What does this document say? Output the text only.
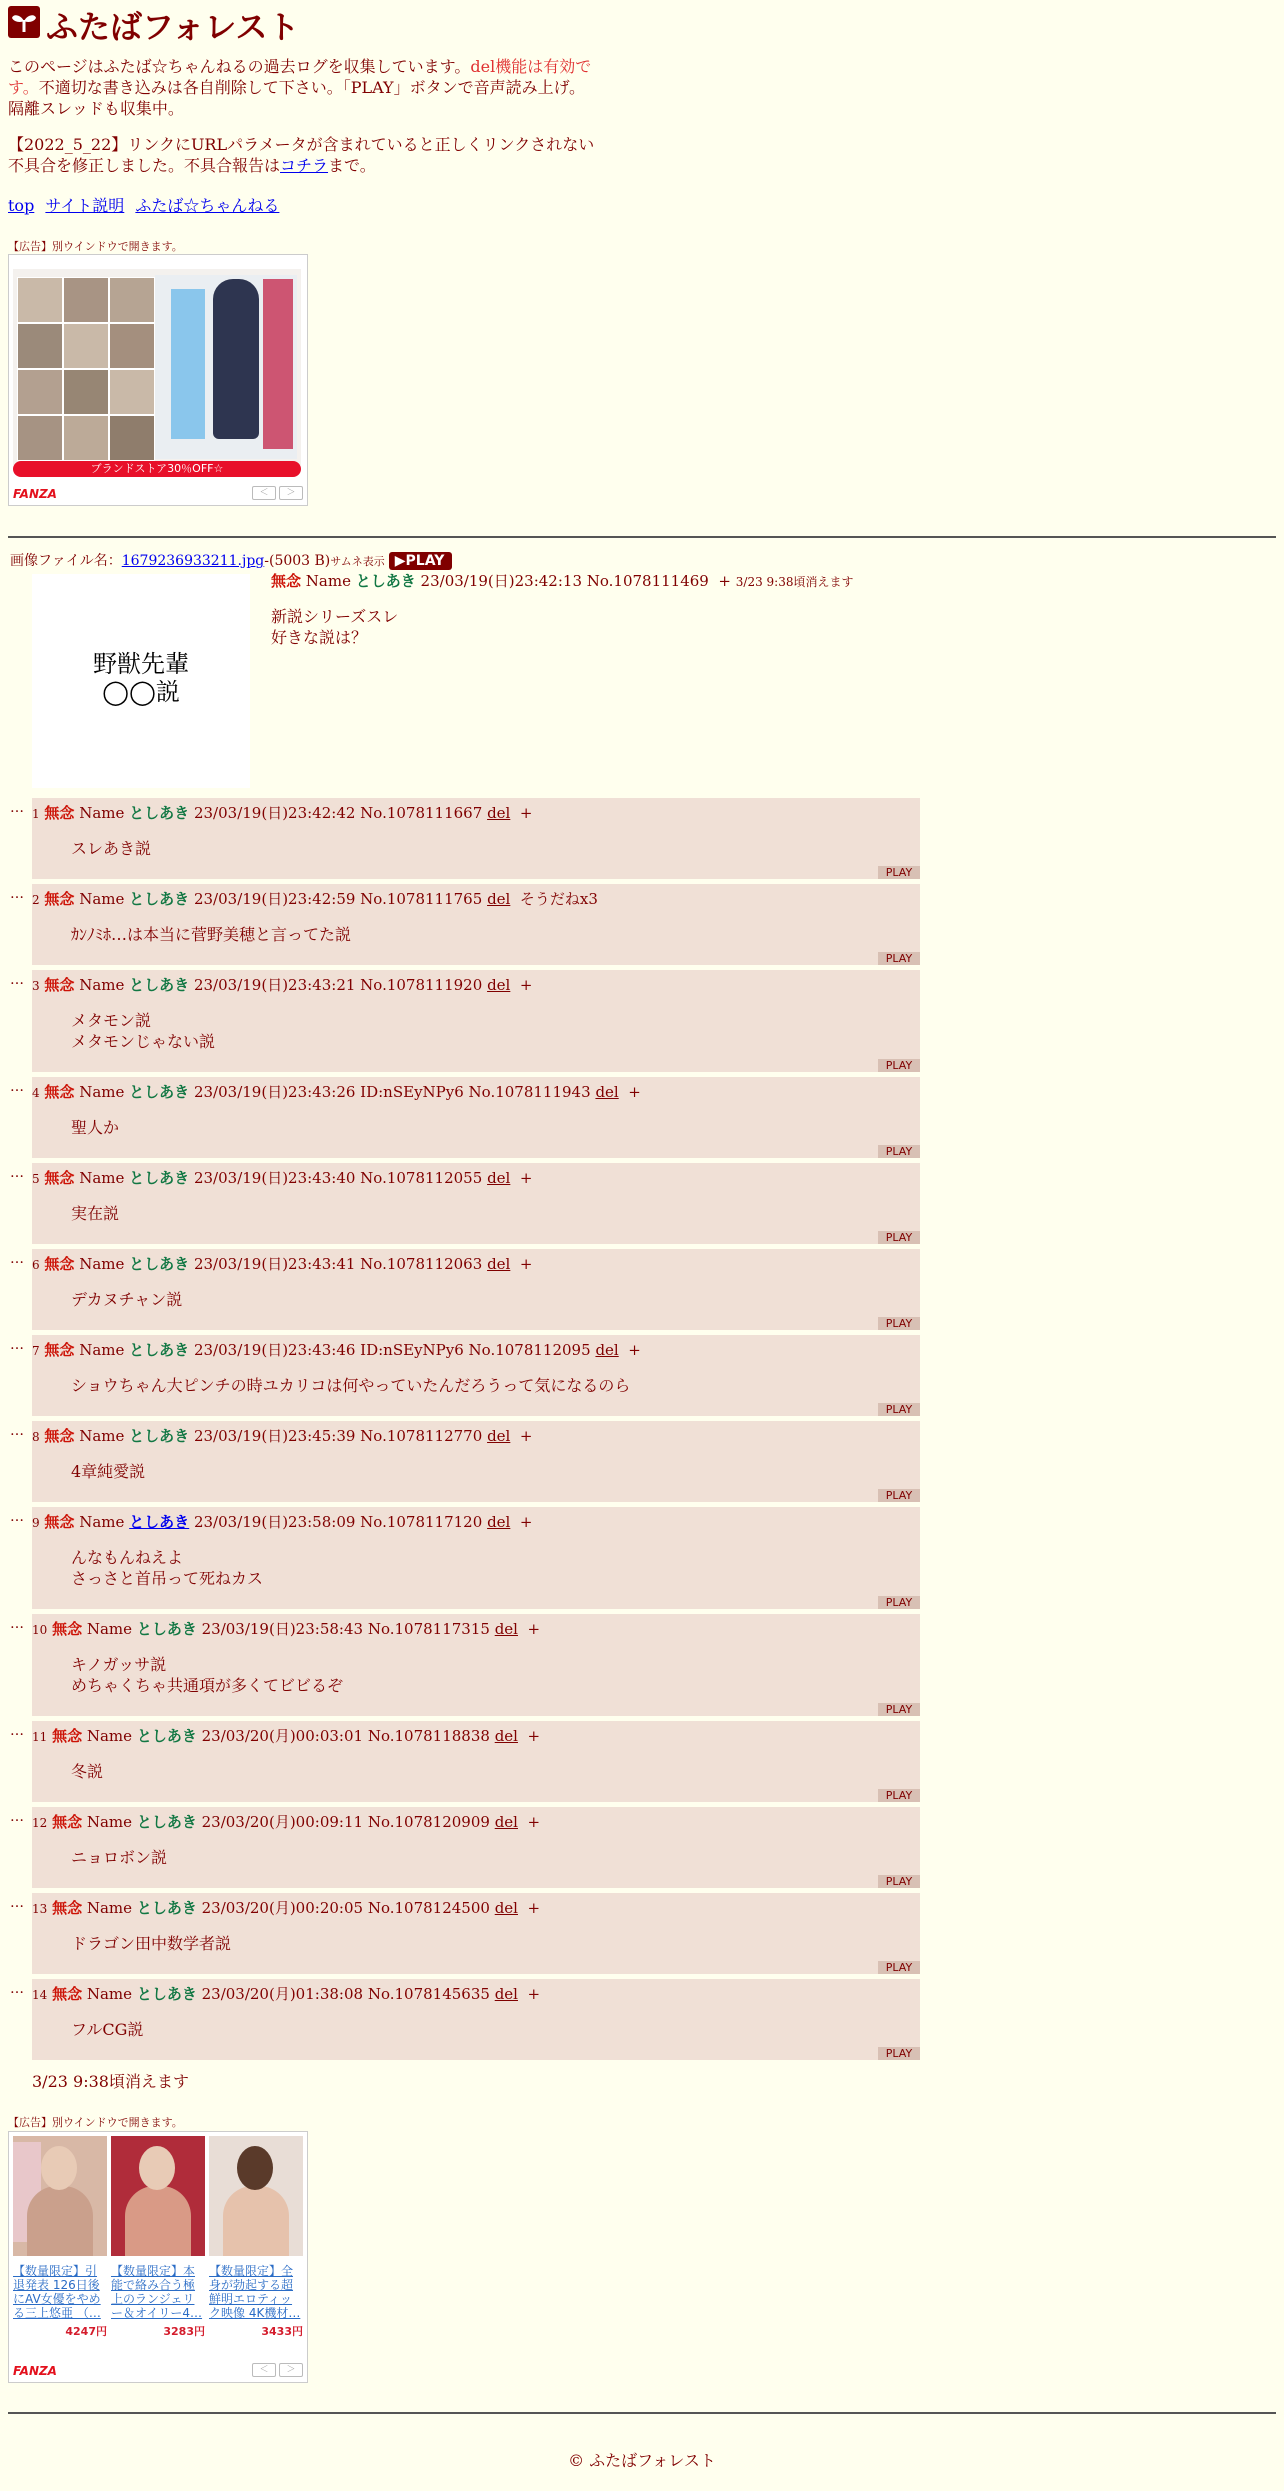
ふたばフォレスト
このページはふたば☆ちゃんねるの過去ログを収集しています。del機能は有効です。不適切な書き込みは各自削除して下さい。「PLAY」ボタンで音声読み上げ。隔離スレッドも収集中。
【2022_5_22】リンクにURLパラメータが含まれていると正しくリンクされない不具合を修正しました。不具合報告はコチラまで。
top サイト説明 ふたば☆ちゃんねる
【広告】別ウインドウで開きます。
ブランドストア30％OFF☆
FANZA	＜ ＞
画像ファイル名：1679236933211.jpg-(5003 B)サムネ表示 ▶PLAY
野獣先輩
◯◯説
無念 Name としあき 23/03/19(日)23:42:13 No.1078111469 + 3/23 9:38頃消えます
新説シリーズスレ
好きな説は？
… 1 無念 Name としあき 23/03/19(日)23:42:42 No.1078111667 del +
スレあき説
PLAY
… 2 無念 Name としあき 23/03/19(日)23:42:59 No.1078111765 del そうだねx3
ｶﾝﾉﾐﾎ…は本当に菅野美穂と言ってた説
PLAY
… 3 無念 Name としあき 23/03/19(日)23:43:21 No.1078111920 del +
メタモン説
メタモンじゃない説
PLAY
… 4 無念 Name としあき 23/03/19(日)23:43:26 ID:nSEyNPy6 No.1078111943 del +
聖人か
PLAY
… 5 無念 Name としあき 23/03/19(日)23:43:40 No.1078112055 del +
実在説
PLAY
… 6 無念 Name としあき 23/03/19(日)23:43:41 No.1078112063 del +
デカヌチャン説
PLAY
… 7 無念 Name としあき 23/03/19(日)23:43:46 ID:nSEyNPy6 No.1078112095 del +
ショウちゃん大ピンチの時ユカリコは何やっていたんだろうって気になるのら
PLAY
… 8 無念 Name としあき 23/03/19(日)23:45:39 No.1078112770 del +
4章純愛説
PLAY
… 9 無念 Name としあき 23/03/19(日)23:58:09 No.1078117120 del +
んなもんねえよ
さっさと首吊って死ねカス
PLAY
… 10 無念 Name としあき 23/03/19(日)23:58:43 No.1078117315 del +
キノガッサ説
めちゃくちゃ共通項が多くてビビるぞ
PLAY
… 11 無念 Name としあき 23/03/20(月)00:03:01 No.1078118838 del +
冬説
PLAY
… 12 無念 Name としあき 23/03/20(月)00:09:11 No.1078120909 del +
ニョロボン説
PLAY
… 13 無念 Name としあき 23/03/20(月)00:20:05 No.1078124500 del +
ドラゴン田中数学者説
PLAY
… 14 無念 Name としあき 23/03/20(月)01:38:08 No.1078145635 del +
フルCG説
PLAY
3/23 9:38頃消えます
【広告】別ウインドウで開きます。
【数量限定】引退発表 126日後にAV女優をやめる三上悠亜 （…
4247円
【数量限定】本能で絡み合う極上のランジェリー＆オイリー4…
3283円
【数量限定】全身が勃起する超鮮明エロティック映像 4K機材…
3433円
FANZA	＜ ＞
© ふたばフォレスト
